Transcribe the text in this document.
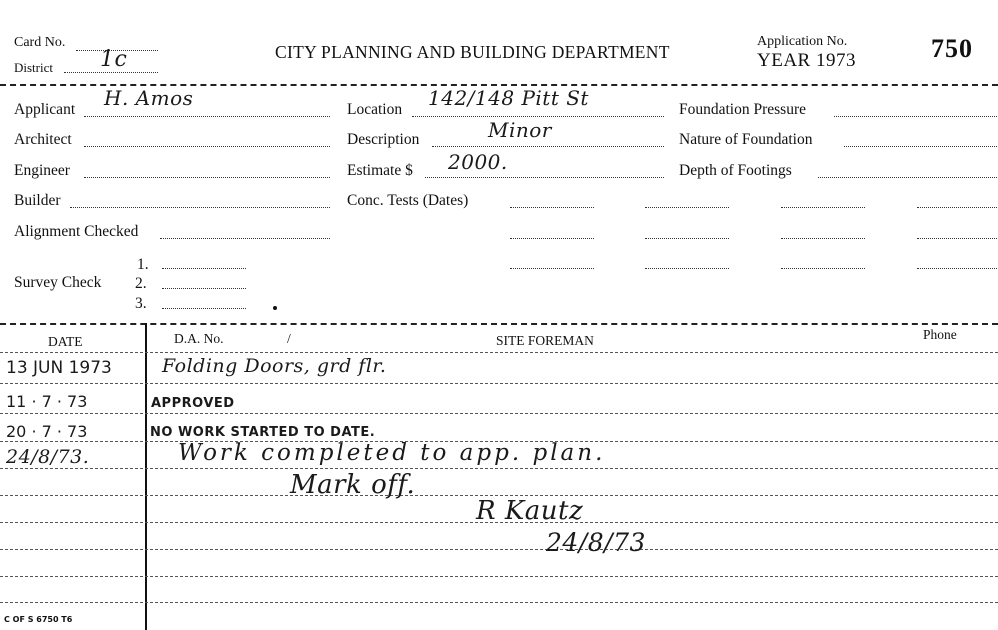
Card No.
District 1c	CITY PLANNING AND BUILDING DEPARTMENT
Application No.
YEAR 1973	750
Applicant H. Amos
Architect
Engineer
Builder
Alignment Checked
Survey Check
1.
2.
3.
Location 142/148 Pitt St
Description	Minor
Estimate $ 2000.
Conc. Tests (Dates)
Foundation Pressure
Nature of Foundation
Depth of Footings
DATE	D.A. No.	/	SITE FOREMAN	Phone
13 JUN 1973	Folding Doors, grd flr.
11 · 7 · 73	APPROVED
20 · 7 · 73	NO WORK STARTED TO DATE.
24/8/73.	Work completed to app. plan.
Mark off.
R Kautz
24/8/73
C OF S 6750 T6
